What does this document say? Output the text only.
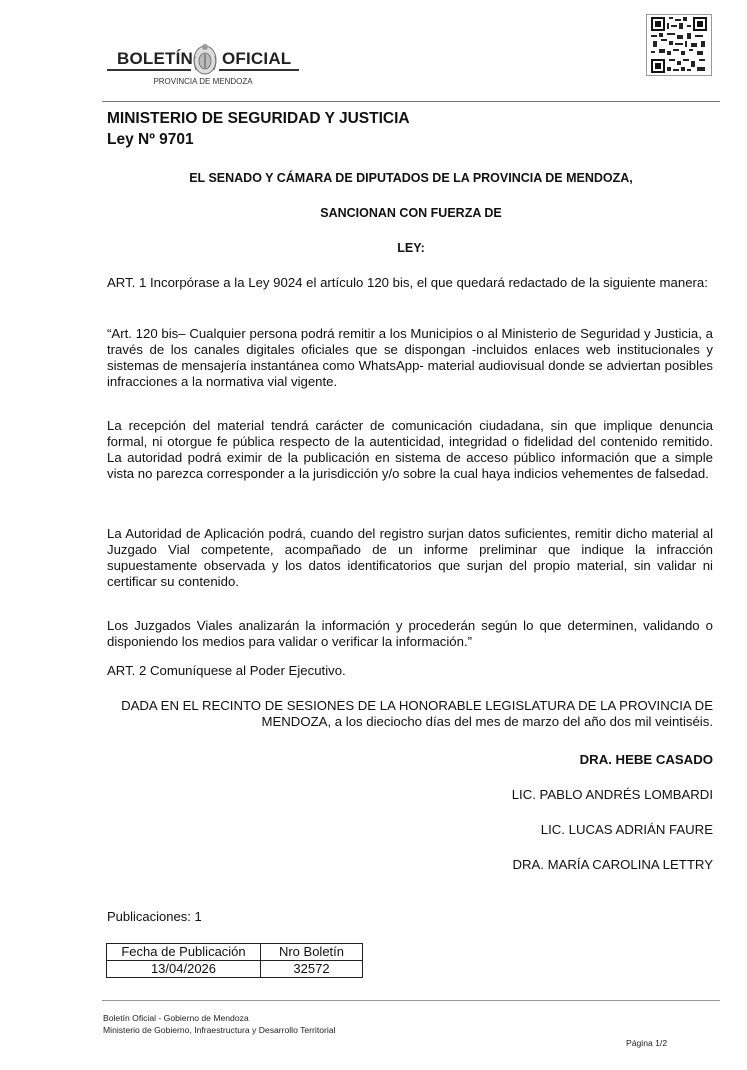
BOLETÍN OFICIAL
PROVINCIA DE MENDOZA
MINISTERIO DE SEGURIDAD Y JUSTICIA
Ley Nº 9701
EL SENADO Y CÁMARA DE DIPUTADOS DE LA PROVINCIA DE MENDOZA,
SANCIONAN CON FUERZA DE
LEY:
ART. 1 Incorpórase a la Ley 9024 el artículo 120 bis, el que quedará redactado de la siguiente manera:
“Art. 120 bis– Cualquier persona podrá remitir a los Municipios o al Ministerio de Seguridad y Justicia, a través de los canales digitales oficiales que se dispongan -incluidos enlaces web institucionales y sistemas de mensajería instantánea como WhatsApp- material audiovisual donde se adviertan posibles infracciones a la normativa vial vigente.
La recepción del material tendrá carácter de comunicación ciudadana, sin que implique denuncia formal, ni otorgue fe pública respecto de la autenticidad, integridad o fidelidad del contenido remitido. La autoridad podrá eximir de la publicación en sistema de acceso público información que a simple vista no parezca corresponder a la jurisdicción y/o sobre la cual haya indicios vehementes de falsedad.
La Autoridad de Aplicación podrá, cuando del registro surjan datos suficientes, remitir dicho material al Juzgado Vial competente, acompañado de un informe preliminar que indique la infracción supuestamente observada y los datos identificatorios que surjan del propio material, sin validar ni certificar su contenido.
Los Juzgados Viales analizarán la información y procederán según lo que determinen, validando o disponiendo los medios para validar o verificar la información.”
ART. 2 Comuníquese al Poder Ejecutivo.
DADA EN EL RECINTO DE SESIONES DE LA HONORABLE LEGISLATURA DE LA PROVINCIA DE MENDOZA, a los dieciocho días del mes de marzo del año dos mil veintiséis.
DRA. HEBE CASADO
LIC. PABLO ANDRÉS LOMBARDI
LIC. LUCAS ADRIÁN FAURE
DRA. MARÍA CAROLINA LETTRY
Publicaciones: 1
Fecha de Publicación	Nro Boletín
13/04/2026	32572
Boletín Oficial - Gobierno de Mendoza
Ministerio de Gobierno, Infraestructura y Desarrollo Territorial
Página 1/2
